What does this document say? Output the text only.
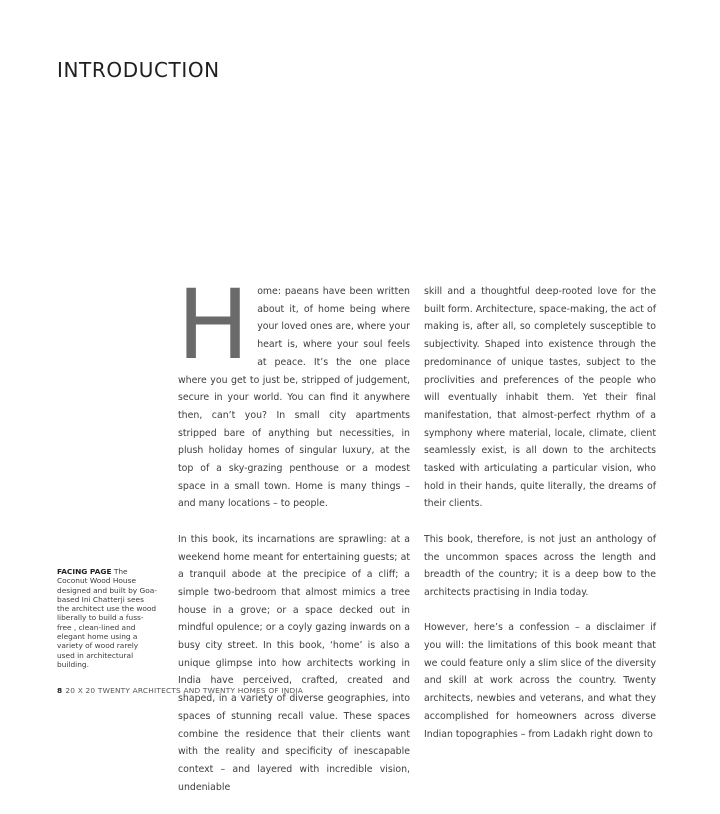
INTRODUCTION

Home: paeans have been written about it, of home being where your loved ones are, where your heart is, where your soul feels at peace. It’s the one place where you get to just be, stripped of judgement, secure in your world. You can find it anywhere then, can’t you? In small city apartments stripped bare of anything but necessities, in plush holiday homes of singular luxury, at the top of a sky-grazing penthouse or a modest space in a small town. Home is many things – and many locations – to people.

In this book, its incarnations are sprawling: at a weekend home meant for entertaining guests; at a tranquil abode at the precipice of a cliff; a simple two-bedroom that almost mimics a tree house in a grove; or a space decked out in mindful opulence; or a coyly gazing inwards on a busy city street. In this book, ‘home’ is also a unique glimpse into how architects working in India have perceived, crafted, created and shaped, in a variety of diverse geographies, into spaces of stunning recall value. These spaces combine the residence that their clients want with the reality and specificity of inescapable context – and layered with incredible vision, undeniable

skill and a thoughtful deep-rooted love for the built form. Architecture, space-making, the act of making is, after all, so completely susceptible to subjectivity. Shaped into existence through the predominance of unique tastes, subject to the proclivities and preferences of the people who will eventually inhabit them. Yet their final manifestation, that almost-perfect rhythm of a symphony where material, locale, climate, client seamlessly exist, is all down to the architects tasked with articulating a particular vision, who hold in their hands, quite literally, the dreams of their clients.

This book, therefore, is not just an anthology of the uncommon spaces across the length and breadth of the country; it is a deep bow to the architects practising in India today.

However, here’s a confession – a disclaimer if you will: the limitations of this book meant that we could feature only a slim slice of the diversity and skill at work across the country. Twenty architects, newbies and veterans, and what they accomplished for homeowners across diverse Indian topographies – from Ladakh right down to

FACING PAGE The Coconut Wood House designed and built by Goa-based Ini Chatterji sees the architect use the wood liberally to build a fuss-free , clean-lined and elegant home using a variety of wood rarely used in architectural building.
8 20 X 20 TWENTY ARCHITECTS AND TWENTY HOMES OF INDIA
